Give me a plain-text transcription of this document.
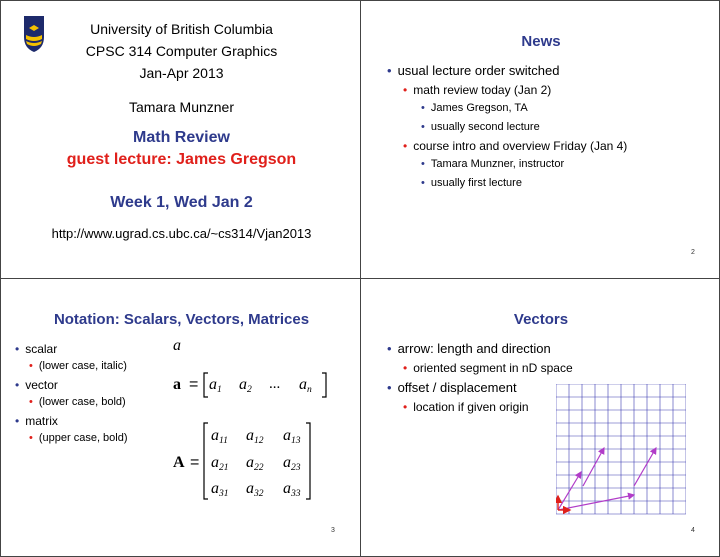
UBC
University of British Columbia
CPSC 314 Computer Graphics
Jan-Apr 2013
Tamara Munzner
Math Review
guest lecture: James Gregson
Week 1, Wed Jan 2
http://www.ugrad.cs.ubc.ca/~cs314/Vjan2013
News
• usual lecture order switched
• math review today (Jan 2)
• James Gregson, TA
• usually second lecture
• course intro and overview Friday (Jan 4)
• Tamara Munzner, instructor
• usually first lecture
2
Notation: Scalars, Vectors, Matrices
• scalar
• (lower case, italic)
• vector
• (lower case, bold)
• matrix
• (upper case, bold)
a
$a = a_1$ $a_2$ ... $a_n$
A =
$a_{11}$ $a_{12}$ $a_{13}$
$a_{21}$ $a_{22}$ $a_{23}$
$a_{31}$ $a_{32}$ $a_{33}$
3
Vectors
• arrow: length and direction
• oriented segment in nD space
• offset / displacement
• location if given origin
4
